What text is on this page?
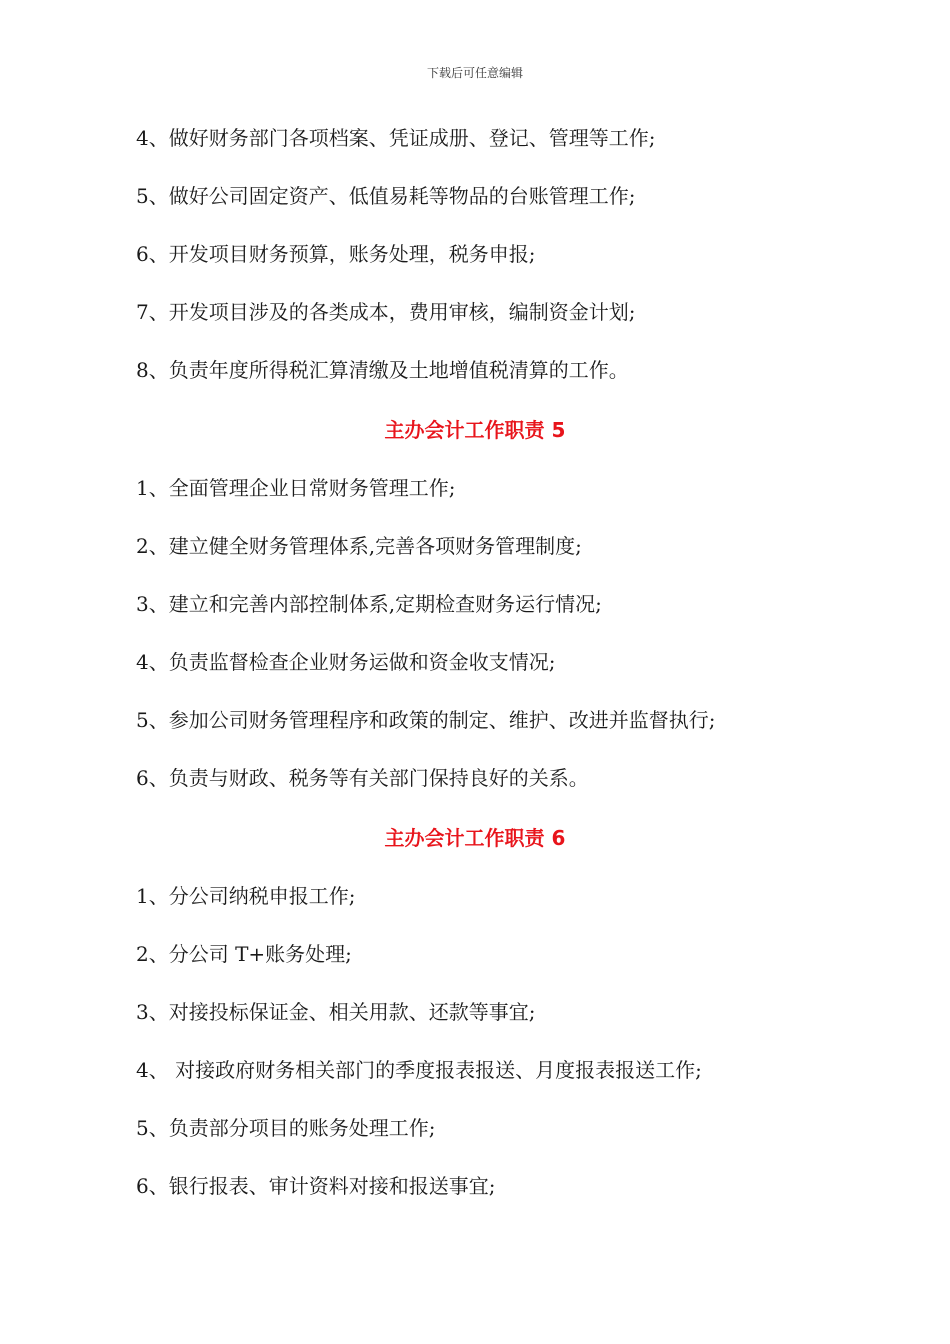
下载后可任意编辑
4、做好财务部门各项档案、凭证成册、登记、管理等工作;
5、做好公司固定资产、低值易耗等物品的台账管理工作;
6、开发项目财务预算，账务处理，税务申报;
7、开发项目涉及的各类成本，费用审核，编制资金计划;
8、负责年度所得税汇算清缴及土地增值税清算的工作。
主办会计工作职责 5
1、全面管理企业日常财务管理工作;
2、建立健全财务管理体系,完善各项财务管理制度;
3、建立和完善内部控制体系,定期检查财务运行情况;
4、负责监督检查企业财务运做和资金收支情况;
5、参加公司财务管理程序和政策的制定、维护、改进并监督执行;
6、负责与财政、税务等有关部门保持良好的关系。
主办会计工作职责 6
1、分公司纳税申报工作;
2、分公司 T+账务处理;
3、对接投标保证金、相关用款、还款等事宜;
4、 对接政府财务相关部门的季度报表报送、月度报表报送工作;
5、负责部分项目的账务处理工作;
6、银行报表、审计资料对接和报送事宜;
